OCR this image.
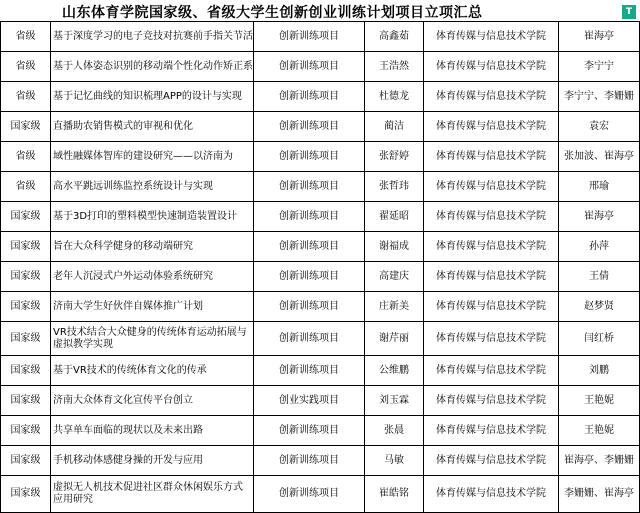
山东体育学院国家级、省级大学生创新创业训练计划项目立项汇总	T
省级	基于深度学习的电子竞技对抗赛前手指关节活	创新训练项目	高鑫茹	体育传媒与信息技术学院	崔海亭
省级	基于人体姿态识别的移动端个性化动作矫正系	创新训练项目	王浩然	体育传媒与信息技术学院	李宁宁
省级	基于记忆曲线的知识梳理APP的设计与实现	创新训练项目	杜德龙	体育传媒与信息技术学院	李宁宁、李姗姗
国家级	直播助农销售模式的审视和优化	创新训练项目	蔺洁	体育传媒与信息技术学院	袁宏
省级	域性融媒体智库的建设研究——以济南为	创新训练项目	张舒婷	体育传媒与信息技术学院	张加波、崔海亭
省级	高水平跳远训练监控系统设计与实现	创新训练项目	张哲玮	体育传媒与信息技术学院	邢瑜
国家级	基于3D打印的塑料模型快速制造装置设计	创新训练项目	翟延昭	体育传媒与信息技术学院	崔海亭
国家级	旨在大众科学健身的移动端研究	创新训练项目	谢福成	体育传媒与信息技术学院	孙萍
国家级	老年人沉浸式户外运动体验系统研究	创新训练项目	高建庆	体育传媒与信息技术学院	王倩
国家级	济南大学生好伙伴自媒体推广计划	创新训练项目	庄新美	体育传媒与信息技术学院	赵梦贤
国家级	VR技术结合大众健身的传统体育运动拓展与虚拟教学实现	创新训练项目	谢芹丽	体育传媒与信息技术学院	闫红桥
国家级	基于VR技术的传统体育文化的传承	创新训练项目	公维鹏	体育传媒与信息技术学院	刘鹏
国家级	济南大众体育文化宣传平台创立	创业实践项目	刘玉霖	体育传媒与信息技术学院	王艳妮
国家级	共享单车面临的现状以及未来出路	创新训练项目	张晨	体育传媒与信息技术学院	王艳妮
国家级	手机移动体感健身操的开发与应用	创新训练项目	马敏	体育传媒与信息技术学院	崔海亭、李姗姗
国家级	虚拟无人机技术促进社区群众休闲娱乐方式应用研究	创新训练项目	崔皓铭	体育传媒与信息技术学院	李姗姗、崔海亭
